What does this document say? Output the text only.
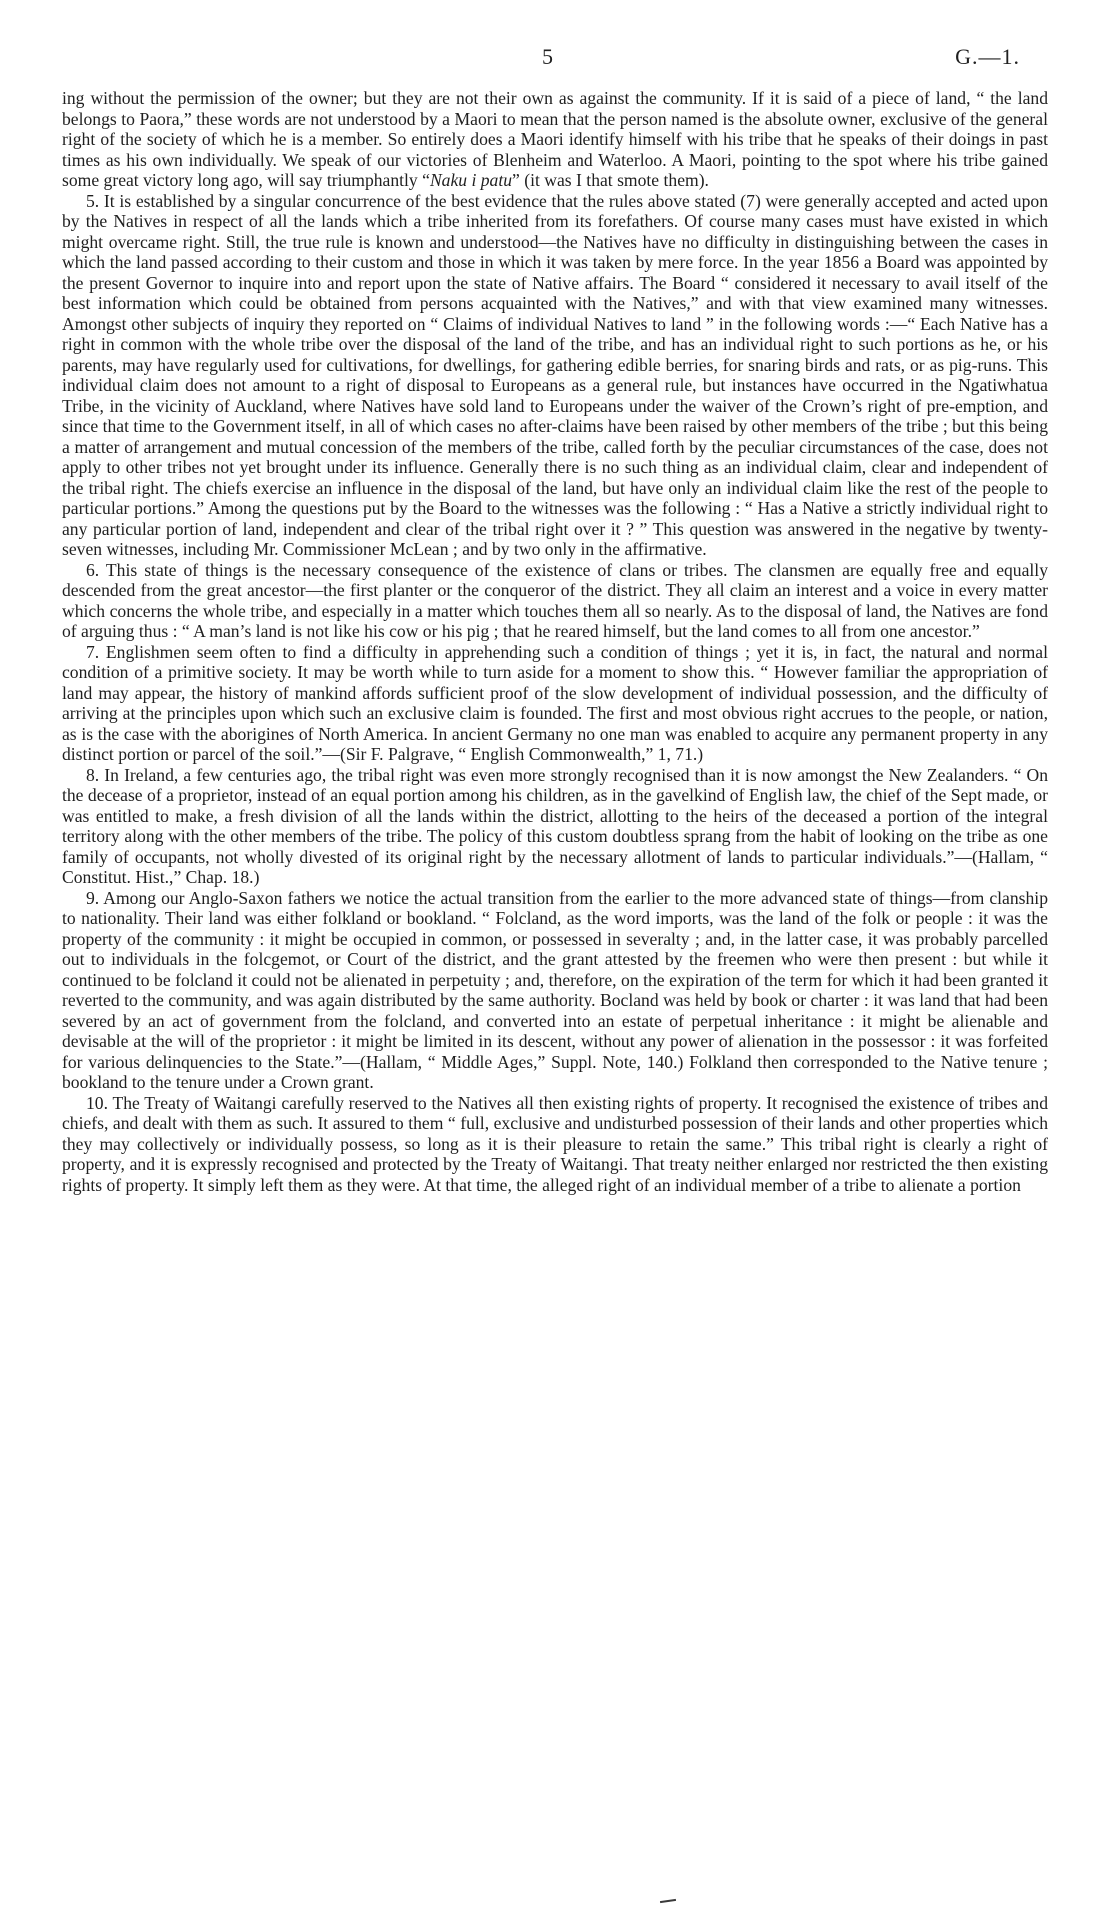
5	G.—1.

ing without the permission of the owner; but they are not their own as against the community. If it is said of a piece of land, “ the land belongs to Paora,” these words are not understood by a Maori to mean that the person named is the absolute owner, exclusive of the general right of the society of which he is a member. So entirely does a Maori identify himself with his tribe that he speaks of their doings in past times as his own individually. We speak of our victories of Blenheim and Waterloo. A Maori, pointing to the spot where his tribe gained some great victory long ago, will say triumphantly “Naku i patu” (it was I that smote them).

5. It is established by a singular concurrence of the best evidence that the rules above stated (7) were generally accepted and acted upon by the Natives in respect of all the lands which a tribe inherited from its forefathers. Of course many cases must have existed in which might overcame right. Still, the true rule is known and understood—the Natives have no difficulty in distinguishing between the cases in which the land passed according to their custom and those in which it was taken by mere force. In the year 1856 a Board was appointed by the present Governor to inquire into and report upon the state of Native affairs. The Board “ considered it necessary to avail itself of the best information which could be obtained from persons acquainted with the Natives,” and with that view examined many witnesses. Amongst other subjects of inquiry they reported on “ Claims of individual Natives to land ” in the following words :—“ Each Native has a right in common with the whole tribe over the disposal of the land of the tribe, and has an individual right to such portions as he, or his parents, may have regularly used for cultivations, for dwellings, for gathering edible berries, for snaring birds and rats, or as pig-runs. This individual claim does not amount to a right of disposal to Europeans as a general rule, but instances have occurred in the Ngatiwhatua Tribe, in the vicinity of Auckland, where Natives have sold land to Europeans under the waiver of the Crown’s right of pre-emption, and since that time to the Government itself, in all of which cases no after-claims have been raised by other members of the tribe ; but this being a matter of arrangement and mutual concession of the members of the tribe, called forth by the peculiar circumstances of the case, does not apply to other tribes not yet brought under its influence. Generally there is no such thing as an individual claim, clear and independent of the tribal right. The chiefs exercise an influence in the disposal of the land, but have only an individual claim like the rest of the people to particular portions.” Among the questions put by the Board to the witnesses was the following : “ Has a Native a strictly individual right to any particular portion of land, independent and clear of the tribal right over it ? ” This question was answered in the negative by twenty-seven witnesses, including Mr. Commissioner McLean ; and by two only in the affirmative.

6. This state of things is the necessary consequence of the existence of clans or tribes. The clansmen are equally free and equally descended from the great ancestor—the first planter or the conqueror of the district. They all claim an interest and a voice in every matter which concerns the whole tribe, and especially in a matter which touches them all so nearly. As to the disposal of land, the Natives are fond of arguing thus : “ A man’s land is not like his cow or his pig ; that he reared himself, but the land comes to all from one ancestor.”

7. Englishmen seem often to find a difficulty in apprehending such a condition of things ; yet it is, in fact, the natural and normal condition of a primitive society. It may be worth while to turn aside for a moment to show this. “ However familiar the appropriation of land may appear, the history of mankind affords sufficient proof of the slow development of individual possession, and the difficulty of arriving at the principles upon which such an exclusive claim is founded. The first and most obvious right accrues to the people, or nation, as is the case with the aborigines of North America. In ancient Germany no one man was enabled to acquire any permanent property in any distinct portion or parcel of the soil.”—(Sir F. Palgrave, “ English Commonwealth,” 1, 71.)

8. In Ireland, a few centuries ago, the tribal right was even more strongly recognised than it is now amongst the New Zealanders. “ On the decease of a proprietor, instead of an equal portion among his children, as in the gavelkind of English law, the chief of the Sept made, or was entitled to make, a fresh division of all the lands within the district, allotting to the heirs of the deceased a portion of the integral territory along with the other members of the tribe. The policy of this custom doubtless sprang from the habit of looking on the tribe as one family of occupants, not wholly divested of its original right by the necessary allotment of lands to particular individuals.”—(Hallam, “ Constitut. Hist.,” Chap. 18.)

9. Among our Anglo-Saxon fathers we notice the actual transition from the earlier to the more advanced state of things—from clanship to nationality. Their land was either folkland or bookland. “ Folcland, as the word imports, was the land of the folk or people : it was the property of the community : it might be occupied in common, or possessed in severalty ; and, in the latter case, it was probably parcelled out to individuals in the folcgemot, or Court of the district, and the grant attested by the freemen who were then present : but while it continued to be folcland it could not be alienated in perpetuity ; and, therefore, on the expiration of the term for which it had been granted it reverted to the community, and was again distributed by the same authority. Bocland was held by book or charter : it was land that had been severed by an act of government from the folcland, and converted into an estate of perpetual inheritance : it might be alienable and devisable at the will of the proprietor : it might be limited in its descent, without any power of alienation in the possessor : it was forfeited for various delinquencies to the State.”—(Hallam, “ Middle Ages,” Suppl. Note, 140.) Folkland then corresponded to the Native tenure ; bookland to the tenure under a Crown grant.

10. The Treaty of Waitangi carefully reserved to the Natives all then existing rights of property. It recognised the existence of tribes and chiefs, and dealt with them as such. It assured to them “ full, exclusive and undisturbed possession of their lands and other properties which they may collectively or individually possess, so long as it is their pleasure to retain the same.” This tribal right is clearly a right of property, and it is expressly recognised and protected by the Treaty of Waitangi. That treaty neither enlarged nor restricted the then existing rights of property. It simply left them as they were. At that time, the alleged right of an individual member of a tribe to alienate a portion
